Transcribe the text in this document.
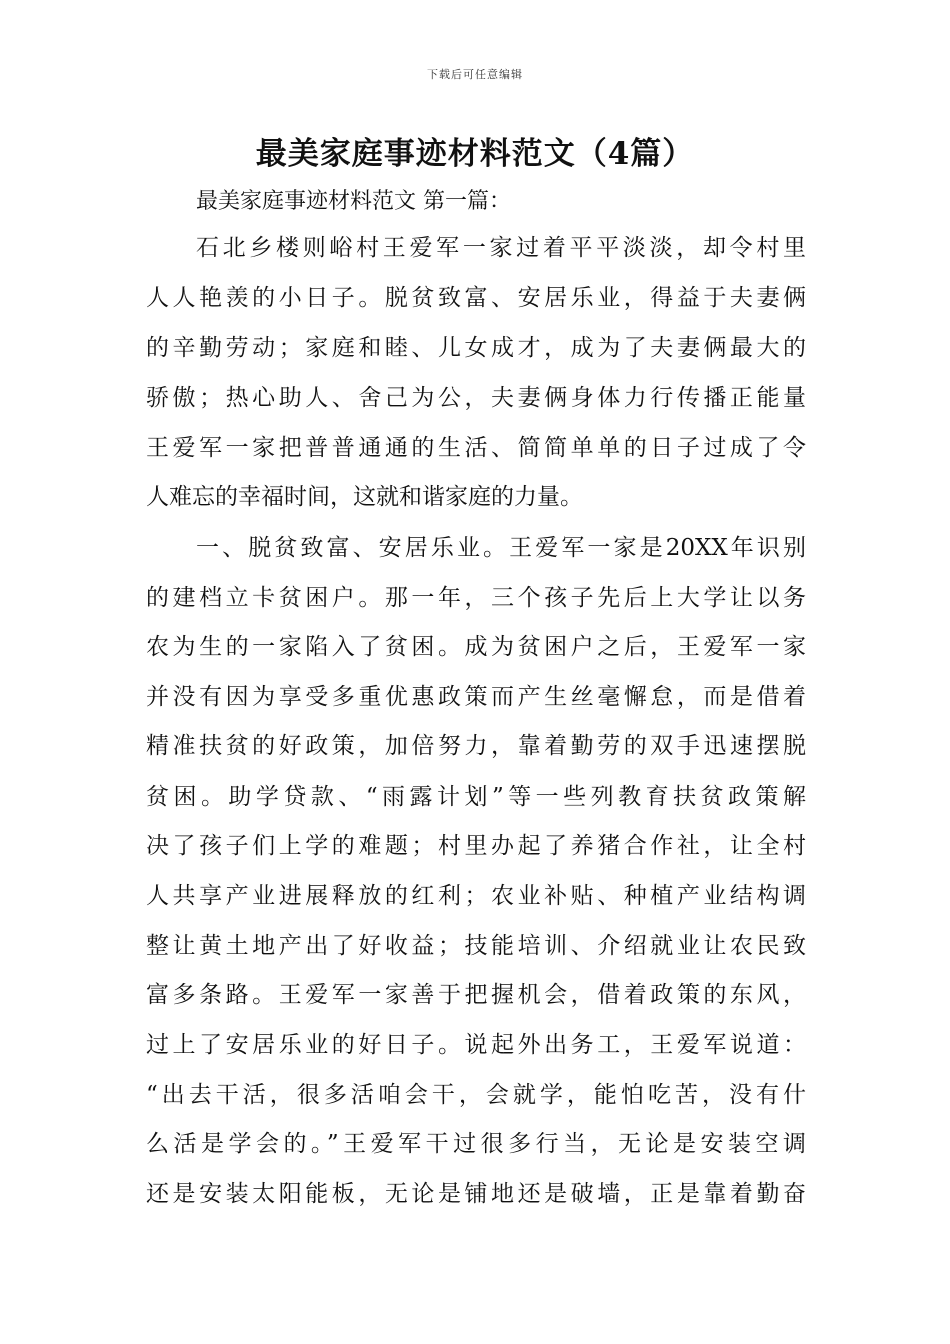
下载后可任意编辑
最美家庭事迹材料范文（4篇）
最美家庭事迹材料范文 第一篇：
石北乡楼则峪村王爱军一家过着平平淡淡，却令村里
人人艳羡的小日子。脱贫致富、安居乐业，得益于夫妻俩
的辛勤劳动；家庭和睦、儿女成才，成为了夫妻俩最大的
骄傲；热心助人、舍己为公，夫妻俩身体力行传播正能量
王爱军一家把普普通通的生活、简简单单的日子过成了令
人难忘的幸福时间，这就和谐家庭的力量。
一、脱贫致富、安居乐业。王爱军一家是20XX年识别
的建档立卡贫困户。那一年，三个孩子先后上大学让以务
农为生的一家陷入了贫困。成为贫困户之后，王爱军一家
并没有因为享受多重优惠政策而产生丝毫懈怠，而是借着
精准扶贫的好政策，加倍努力，靠着勤劳的双手迅速摆脱
贫困。助学贷款、“雨露计划”等一些列教育扶贫政策解
决了孩子们上学的难题；村里办起了养猪合作社，让全村
人共享产业进展释放的红利；农业补贴、种植产业结构调
整让黄土地产出了好收益；技能培训、介绍就业让农民致
富多条路。王爱军一家善于把握机会，借着政策的东风，
过上了安居乐业的好日子。说起外出务工，王爱军说道：
“出去干活，很多活咱会干，会就学，能怕吃苦，没有什
么活是学会的。”王爱军干过很多行当，无论是安装空调
还是安装太阳能板，无论是铺地还是破墙，正是靠着勤奋
